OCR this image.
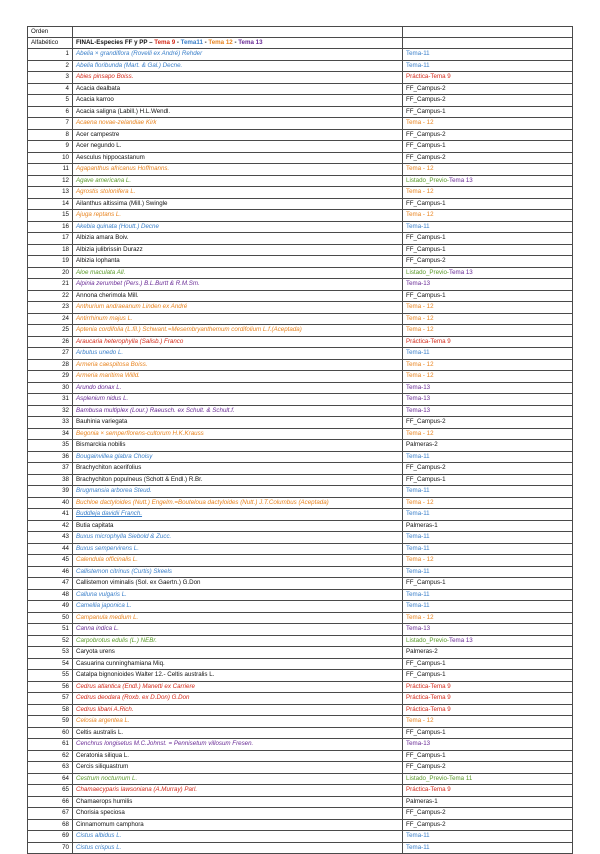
Orden		
Alfabético	FINAL-Especies FF y PP – Tema 9 - Tema11 - Tema 12 - Tema 13	
1	Abelia × grandiflora (Rovelli ex André) Rehder	Tema-11
2	Abelia floribunda (Mart. & Gal.) Decne.	Tema-11
3	Abies pinsapo Boiss.	Práctica-Tema 9
4	Acacia dealbata	FF_Campus-2
5	Acacia karroo	FF_Campus-2
6	Acacia saligna (Labill.) H.L.Wendl.	FF_Campus-1
7	Acaena novae-zelandiae Kirk	Tema - 12
8	Acer campestre	FF_Campus-2
9	Acer negundo L.	FF_Campus-1
10	Aesculus hippocastanum	FF_Campus-2
11	Agapanthus africanus Hoffmanns.	Tema - 12
12	Agave americana L.	Listado_Previo-Tema 13
13	Agrostis stolonifera L.	Tema - 12
14	Ailanthus altissima (Mill.) Swingle	FF_Campus-1
15	Ajuga reptans L.	Tema - 12
16	Akebia quinata (Houtt.) Decne	Tema-11
17	Albizia amara Boiv.	FF_Campus-1
18	Albizia julibrissin Durazz	FF_Campus-1
19	Albizia lophanta	FF_Campus-2
20	Aloe maculata All.	Listado_Previo-Tema 13
21	Alpinia zerumbet (Pers.) B.L.Burtt & R.M.Sm.	Tema-13
22	Annona cherimola Mill.	FF_Campus-1
23	Anthurium andraeanum Linden ex André	Tema - 12
24	Antirrhinum majus L.	Tema - 12
25	Aptenia cordifolia (L.fil.) Schwant.=Mesembryanthemum cordifolium L.f.(Aceptada)	Tema - 12
26	Araucaria heterophylla (Salisb.) Franco	Práctica-Tema 9
27	Arbutus unedo L.	Tema-11
28	Armeria caespitosa Boiss.	Tema - 12
29	Armeria maritima Willd.	Tema - 12
30	Arundo donax L.	Tema-13
31	Asplenium nidus L.	Tema-13
32	Bambusa multiplex (Lour.) Raeusch. ex Schult. & Schult.f.	Tema-13
33	Bauhinia variegata	FF_Campus-2
34	Begonia × semperflorens-cultorum H.K.Krauss	Tema - 12
35	Bismarckia nobilis	Palmeras-2
36	Bougainvillea glabra Choisy	Tema-11
37	Brachychiton acerifolius	FF_Campus-2
38	Brachychiton populneus (Schott & Endl.) R.Br.	FF_Campus-1
39	Brugmansia arborea Steud.	Tema-11
40	Buchloe dactyloides (Nutt.) Engelm.=Bouteloua dactyloides (Nutt.) J.T.Columbus (Aceptada)	Tema - 12
41	Buddleja davidii Franch.	Tema-11
42	Butia capitata	Palmeras-1
43	Buxus microphylla Siebold & Zucc.	Tema-11
44	Buxus sempervirens L.	Tema-11
45	Calendula officinalis L.	Tema - 12
46	Callistemon citrinus (Curtis) Skeels	Tema-11
47	Callistemon viminalis (Sol. ex Gaertn.) G.Don	FF_Campus-1
48	Calluna vulgaris L.	Tema-11
49	Camellia japonica L.	Tema-11
50	Campanula medium L.	Tema - 12
51	Canna indica L.	Tema-13
52	Carpobrotus edulis (L.) NEBr.	Listado_Previo-Tema 13
53	Caryota urens	Palmeras-2
54	Casuarina cunninghamiana Miq.	FF_Campus-1
55	Catalpa bignonioides Walter 12.- Celtis australis L.	FF_Campus-1
56	Cedrus atlantica (Endl.) Manetti ex Carriere	Práctica-Tema 9
57	Cedrus deodara (Roxb. ex D.Don) G.Don	Práctica-Tema 9
58	Cedrus libani A.Rich.	Práctica-Tema 9
59	Celosia argentea L.	Tema - 12
60	Celtis australis L.	FF_Campus-1
61	Cenchrus longisetus M.C.Johnst. = Pennisetum villosum Fresen.	Tema-13
62	Ceratonia siliqua L.	FF_Campus-1
63	Cercis siliquastrum	FF_Campus-2
64	Cestrum nocturnum L.	Listado_Previo-Tema 11
65	Chamaecyparis lawsoniana (A.Murray) Parl.	Práctica-Tema 9
66	Chamaerops humilis	Palmeras-1
67	Chorisia speciosa	FF_Campus-2
68	Cinnamomum camphora	FF_Campus-2
69	Cistus albidus L.	Tema-11
70	Cistus crispus L.	Tema-11
